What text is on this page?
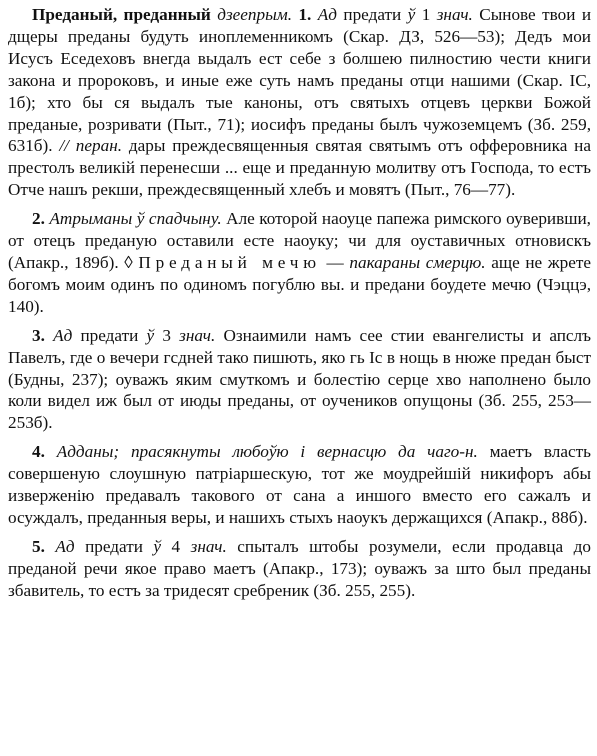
Преданый, преданный дзеепрым. 1. Ад предати ў 1 знач. Сынове твои и дщеры преданы будуть иноплеменникомъ (Скар. ДЗ, 526—53); Дедъ мои Исусъ Еседеховъ внегда выдалъ ест себе з болшею пилностию чести книги закона и пророковъ, и иные еже суть намъ преданы отци нашими (Скар. ІС, 1б); хто бы ся выдалъ тые каноны, отъ святыхъ отцевъ церкви Божой преданые, розривати (Пыт., 71); иосифъ преданы былъ чужоземцемъ (Зб. 259, 631б). // перан. дары преждесвященныя святая святымъ отъ офферовника на престолъ великій перенесши ... еще и преданную молитву отъ Господа, то естъ Отче нашъ рекши, преждесвященный хлебъ и мовятъ (Пыт., 76—77).

2. Атрыманы ў спадчыну. Але которой наоуце папежа римского оуверивши, от отецъ преданую оставили есте наоуку; чи для оуставичных отновискъ (Апакр., 189б). ◊ Преданый мечю — пакараны смерцю. аще не жрете богомъ моим одинъ по одиномъ погублю вы. и предани боудете мечю (Чэццэ, 140).

3. Ад предати ў 3 знач. Ознаимили намъ сее стии евангелисты и апслъ Павелъ, где о вечери гсдней тако пишють, яко гь Іс в нощь в нюже предан быст (Будны, 237); оуважъ яким смуткомъ и болестію серце хво наполнено было коли видел иж был от июды преданы, от оучеников опущоны (Зб. 255, 253—253б).

4. Адданы; прасякнуты любоўю і вернасцю да чаго-н. маетъ власть совершеную слоушную патріаршескую, тот же моудрейшій никифоръ абы изверженію предавалъ такового от сана а иншого вместо его сажалъ и осуждалъ, преданныя веры, и нашихъ стыхъ наоукъ держащихся (Апакр., 88б).

5. Ад предати ў 4 знач. спыталъ штобы розумели, если продавца до преданой речи якое право маетъ (Апакр., 173); оуважъ за што был преданы збавитель, то естъ за тридесят сребреник (Зб. 255, 255).
